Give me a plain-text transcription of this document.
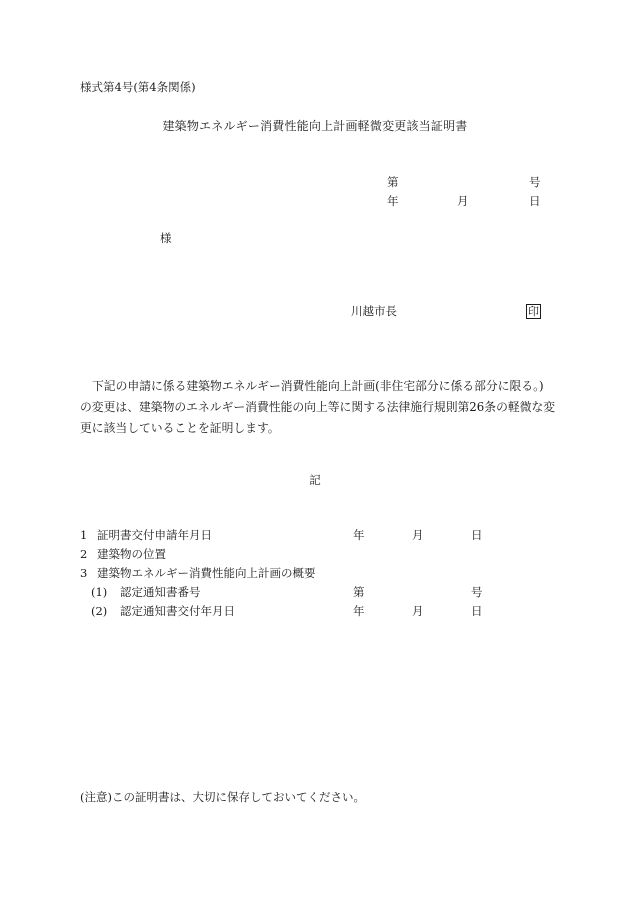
様式第4号(第4条関係)
建築物エネルギー消費性能向上計画軽微変更該当証明書
第	号
年	月	日
様
川越市長	印

下記の申請に係る建築物エネルギー消費性能向上計画(非住宅部分に係る部分に限る。)

の変更は、建築物のエネルギー消費性能の向上等に関する法律施行規則第26条の軽微な変

更に該当していることを証明します。

記
1 証明書交付申請年月日	年	月	日
2 建築物の位置
3 建築物エネルギー消費性能向上計画の概要
(1) 認定通知書番号	第	号
(2) 認定通知書交付年月日	年	月	日
(注意)この証明書は、大切に保存しておいてください。
